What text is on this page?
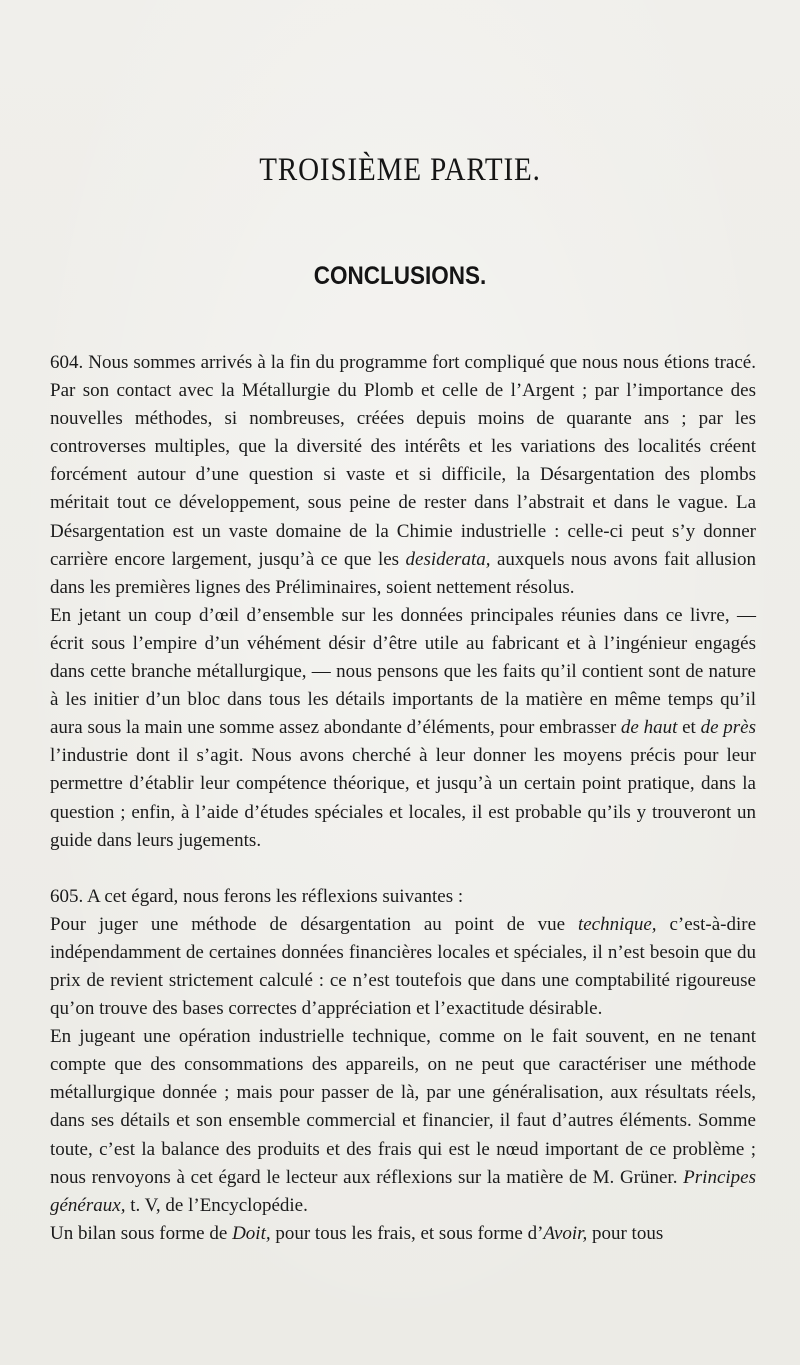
TROISIÈME PARTIE.
CONCLUSIONS.

604. Nous sommes arrivés à la fin du programme fort compliqué que nous nous étions tracé. Par son contact avec la Métallurgie du Plomb et celle de l’Argent ; par l’importance des nouvelles méthodes, si nombreuses, créées depuis moins de quarante ans ; par les controverses multiples, que la diversité des intérêts et les variations des localités créent forcément autour d’une question si vaste et si difficile, la Désargentation des plombs méritait tout ce développement, sous peine de rester dans l’abstrait et dans le vague. La Désargentation est un vaste domaine de la Chimie industrielle : celle-ci peut s’y donner carrière encore largement, jusqu’à ce que les desiderata, auxquels nous avons fait allusion dans les premières lignes des Préliminaires, soient nettement résolus.

En jetant un coup d’œil d’ensemble sur les données principales réunies dans ce livre, — écrit sous l’empire d’un véhément désir d’être utile au fabricant et à l’ingénieur engagés dans cette branche métallurgique, — nous pensons que les faits qu’il contient sont de nature à les initier d’un bloc dans tous les détails importants de la matière en même temps qu’il aura sous la main une somme assez abondante d’éléments, pour embrasser de haut et de près l’industrie dont il s’agit. Nous avons cherché à leur donner les moyens précis pour leur permettre d’établir leur compétence théorique, et jusqu’à un certain point pratique, dans la question ; enfin, à l’aide d’études spéciales et locales, il est probable qu’ils y trouveront un guide dans leurs jugements.

605. A cet égard, nous ferons les réflexions suivantes :

Pour juger une méthode de désargentation au point de vue technique, c’est-à-dire indépendamment de certaines données financières locales et spéciales, il n’est besoin que du prix de revient strictement calculé : ce n’est toutefois que dans une comptabilité rigoureuse qu’on trouve des bases correctes d’appréciation et l’exactitude désirable.

En jugeant une opération industrielle technique, comme on le fait souvent, en ne tenant compte que des consommations des appareils, on ne peut que caractériser une méthode métallurgique donnée ; mais pour passer de là, par une généralisation, aux résultats réels, dans ses détails et son ensemble commercial et financier, il faut d’autres éléments. Somme toute, c’est la balance des produits et des frais qui est le nœud important de ce problème ; nous renvoyons à cet égard le lecteur aux réflexions sur la matière de M. Grüner. Principes généraux, t. V, de l’Encyclopédie.

Un bilan sous forme de Doit, pour tous les frais, et sous forme d’Avoir, pour tous
